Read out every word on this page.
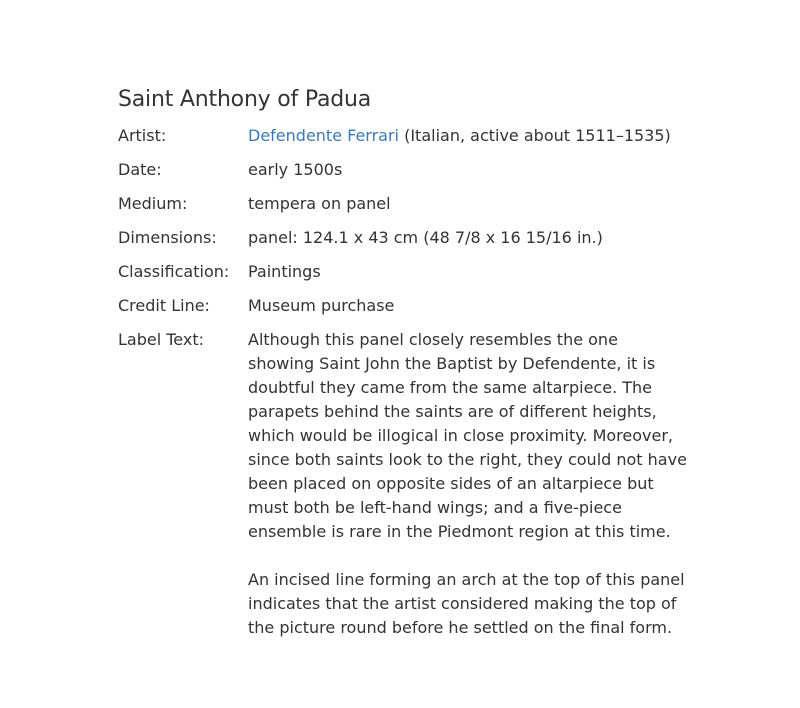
Saint Anthony of Padua
Artist:	Defendente Ferrari (Italian, active about 1511–1535)
Date:	early 1500s
Medium:	tempera on panel
Dimensions:	panel: 124.1 x 43 cm (48 7/8 x 16 15/16 in.)
Classification:	Paintings
Credit Line:	Museum purchase
Label Text:	Although this panel closely resembles the one showing Saint John the Baptist by Defendente, it is doubtful they came from the same altarpiece. The parapets behind the saints are of different heights, which would be illogical in close proximity. Moreover, since both saints look to the right, they could not have been placed on opposite sides of an altarpiece but must both be left-hand wings; and a five-piece ensemble is rare in the Piedmont region at this time.

An incised line forming an arch at the top of this panel indicates that the artist considered making the top of the picture round before he settled on the final form.
